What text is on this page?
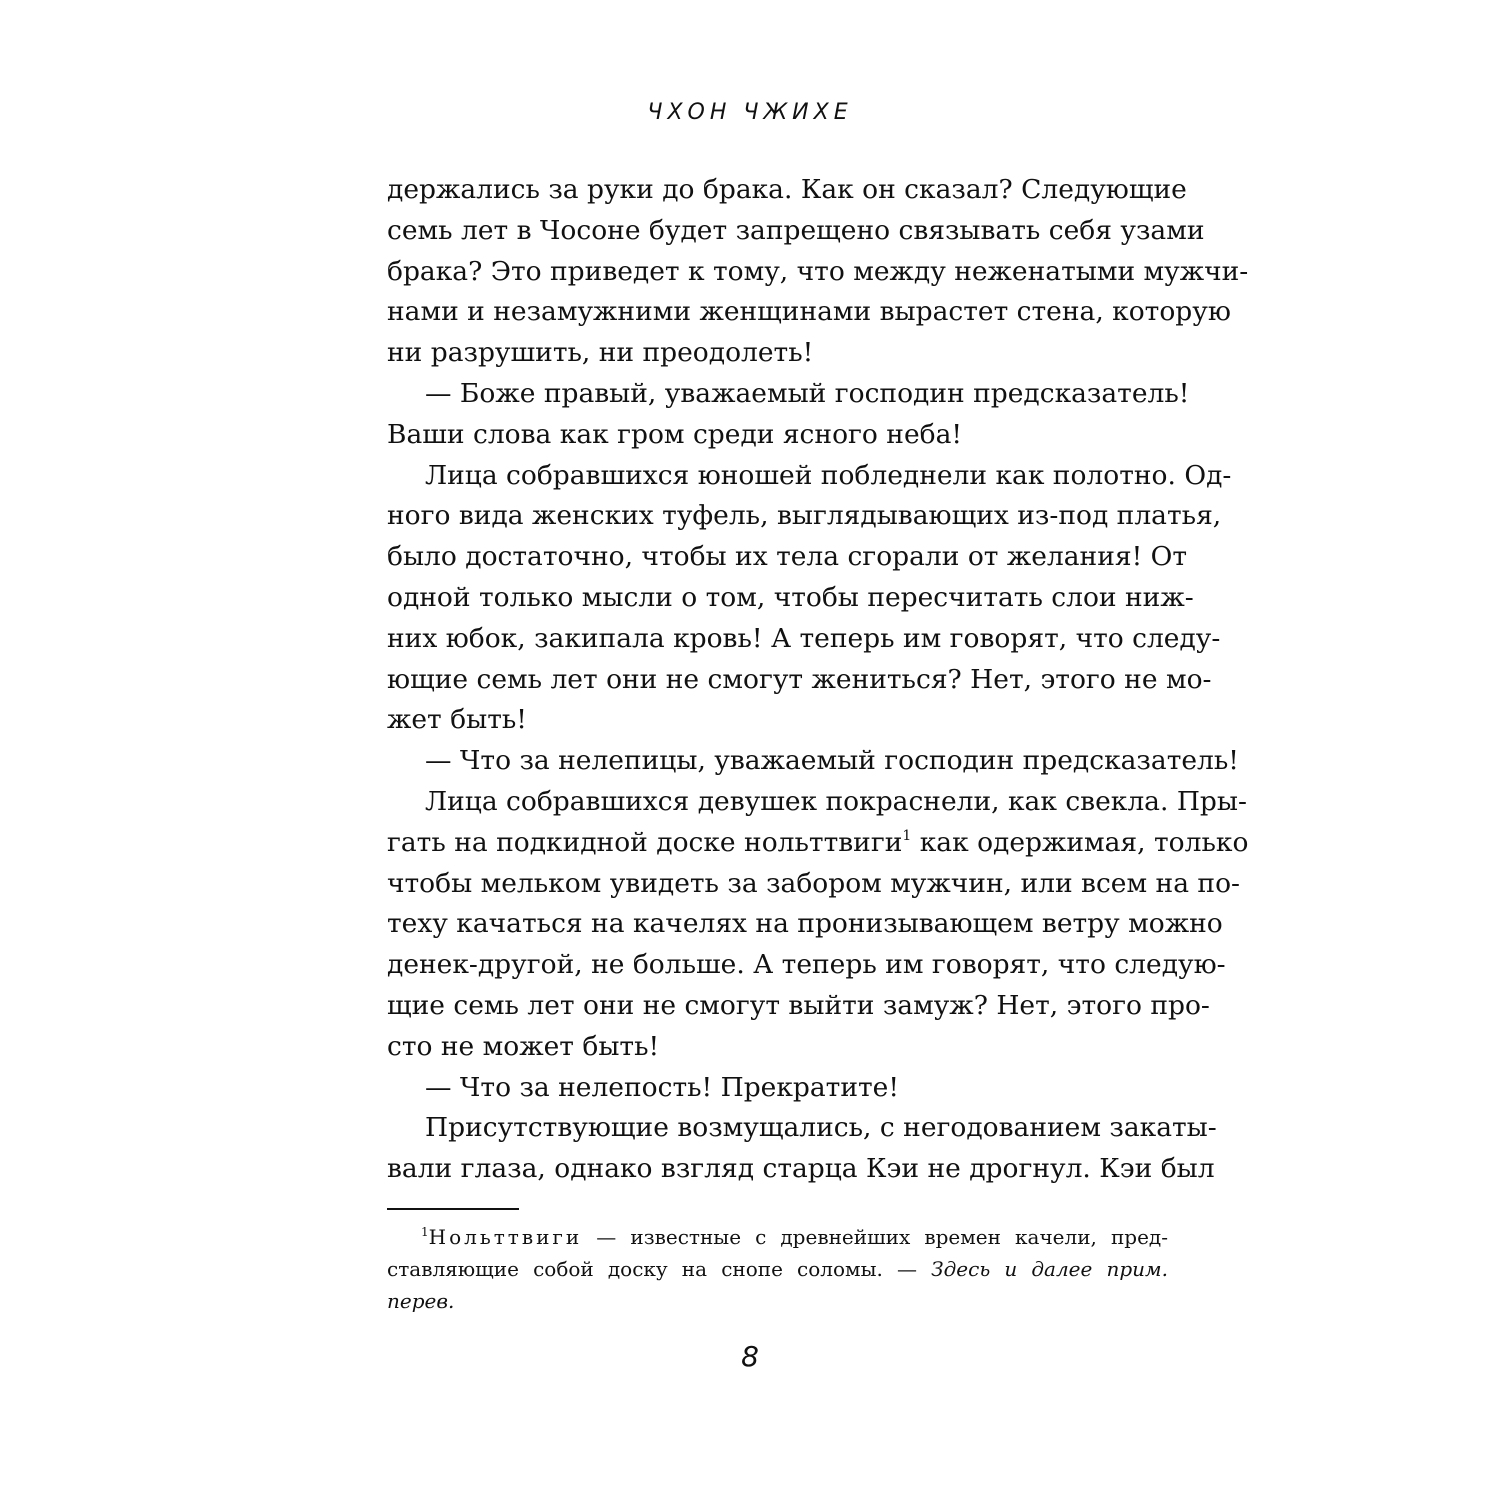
ЧХОН ЧЖИХЕ
держались за руки до брака. Как он сказал? Следующие
семь лет в Чосоне будет запрещено связывать себя узами
брака? Это приведет к тому, что между неженатыми мужчи-
нами и незамужними женщинами вырастет стена, которую
ни разрушить, ни преодолеть!
— Боже правый, уважаемый господин предсказатель!
Ваши слова как гром среди ясного неба!
Лица собравшихся юношей побледнели как полотно. Од-
ного вида женских туфель, выглядывающих из-под платья,
было достаточно, чтобы их тела сгорали от желания! От
одной только мысли о том, чтобы пересчитать слои ниж-
них юбок, закипала кровь! А теперь им говорят, что следу-
ющие семь лет они не смогут жениться? Нет, этого не мо-
жет быть!
— Что за нелепицы, уважаемый господин предсказатель!
Лица собравшихся девушек покраснели, как свекла. Пры-
гать на подкидной доске нольттвиги$^1$ как одержимая, только
чтобы мельком увидеть за забором мужчин, или всем на по-
теху качаться на качелях на пронизывающем ветру можно
денек-другой, не больше. А теперь им говорят, что следую-
щие семь лет они не смогут выйти замуж? Нет, этого про-
сто не может быть!
— Что за нелепость! Прекратите!
Присутствующие возмущались, с негодованием закаты-
вали глаза, однако взгляд старца Кэи не дрогнул. Кэи был
$^1$Нольттвиги — известные с древнейших времен качели, пред-
ставляющие собой доску на снопе соломы. — Здесь и далее прим.
перев.
8
